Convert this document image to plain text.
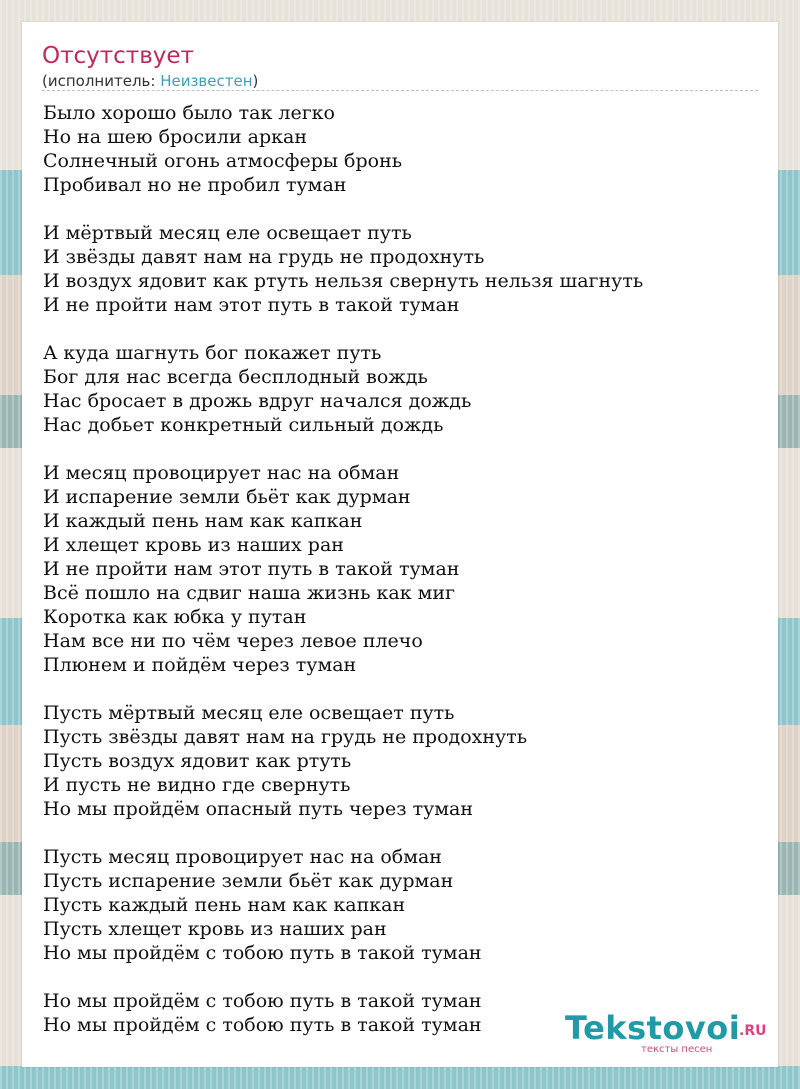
Отсутствует
(исполнитель: Неизвестен)
Было хорошо было так легко
Но на шею бросили аркан
Солнечный огонь атмосферы бронь
Пробивал но не пробил туман
И мёртвый месяц еле освещает путь
И звёзды давят нам на грудь не продохнуть
И воздух ядовит как ртуть нельзя свернуть нельзя шагнуть
И не пройти нам этот путь в такой туман
А куда шагнуть бог покажет путь
Бог для нас всегда бесплодный вождь
Нас бросает в дрожь вдруг начался дождь
Нас добьет конкретный сильный дождь
И месяц провоцирует нас на обман
И испарение земли бьёт как дурман
И каждый пень нам как капкан
И хлещет кровь из наших ран
И не пройти нам этот путь в такой туман
Всё пошло на сдвиг наша жизнь как миг
Коротка как юбка у путан
Нам все ни по чём через левое плечо
Плюнем и пойдём через туман
Пусть мёртвый месяц еле освещает путь
Пусть звёзды давят нам на грудь не продохнуть
Пусть воздух ядовит как ртуть
И пусть не видно где свернуть
Но мы пройдём опасный путь через туман
Пусть месяц провоцирует нас на обман
Пусть испарение земли бьёт как дурман
Пусть каждый пень нам как капкан
Пусть хлещет кровь из наших ран
Но мы пройдём с тобою путь в такой туман
Но мы пройдём с тобою путь в такой туман
Но мы пройдём с тобою путь в такой туман	Tekstovoi
.RU
тексты песен
